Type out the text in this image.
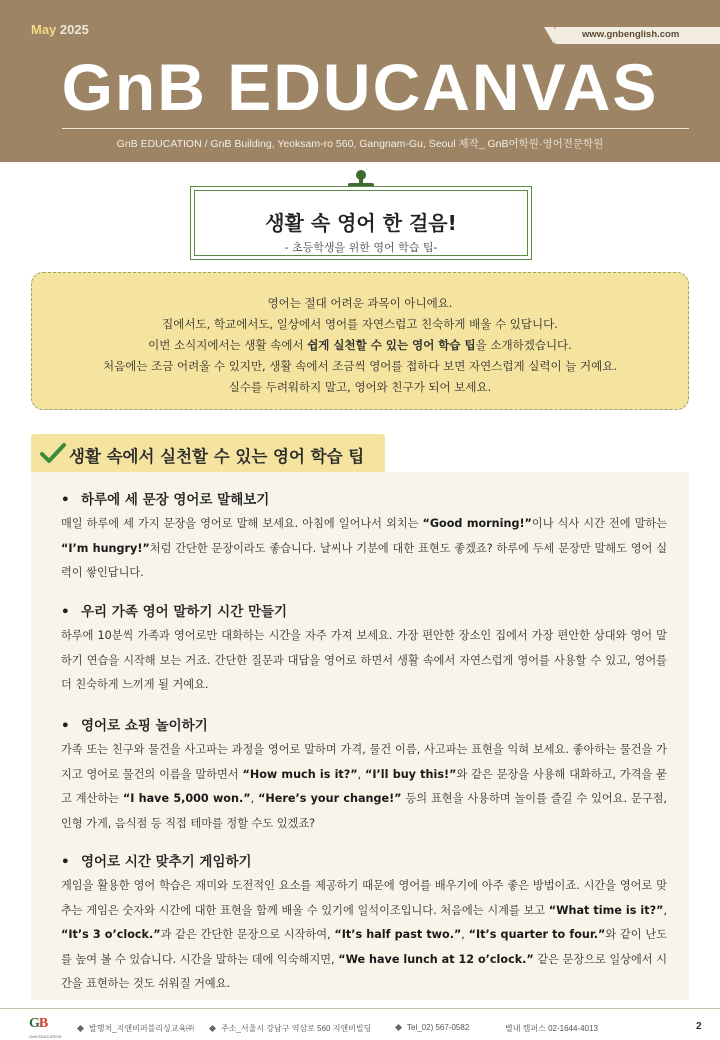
May 2025	www.gnbenglish.com
GnB EDUCANVAS
GnB EDUCATION / GnB Building, Yeoksam-ro 560, Gangnam-Gu, Seoul 제작_ GnB어학원·영어전문학원
생활 속 영어 한 걸음!
- 초등학생을 위한 영어 학습 팁-

영어는 절대 어려운 과목이 아니에요.

집에서도, 학교에서도, 일상에서 영어를 자연스럽고 친숙하게 배울 수 있답니다.

이번 소식지에서는 생활 속에서 쉽게 실천할 수 있는 영어 학습 팁을 소개하겠습니다.

처음에는 조금 어려울 수 있지만, 생활 속에서 조금씩 영어를 접하다 보면 자연스럽게 실력이 늘 거예요.

실수를 두려워하지 말고, 영어와 친구가 되어 보세요.

생활 속에서 실천할 수 있는 영어 학습 팁
• 하루에 세 문장 영어로 말해보기
매일 하루에 세 가지 문장을 영어로 말해 보세요. 아침에 일어나서 외치는 “Good morning!”이나 식사 시간 전에 말하는 “I’m hungry!”처럼 간단한 문장이라도 좋습니다. 날씨나 기분에 대한 표현도 좋겠죠? 하루에 두세 문장만 말해도 영어 실력이 쌓인답니다.
• 우리 가족 영어 말하기 시간 만들기
하루에 10분씩 가족과 영어로만 대화하는 시간을 자주 가져 보세요. 가장 편안한 장소인 집에서 가장 편안한 상대와 영어 말하기 연습을 시작해 보는 거죠. 간단한 질문과 대답을 영어로 하면서 생활 속에서 자연스럽게 영어를 사용할 수 있고, 영어를 더 친숙하게 느끼게 될 거예요.
• 영어로 쇼핑 놀이하기
가족 또는 친구와 물건을 사고파는 과정을 영어로 말하며 가격, 물건 이름, 사고파는 표현을 익혀 보세요. 좋아하는 물건을 가지고 영어로 물건의 이름을 말하면서 “How much is it?”, “I’ll buy this!”와 같은 문장을 사용해 대화하고, 가격을 묻고 계산하는 “I have 5,000 won.”, “Here’s your change!” 등의 표현을 사용하며 놀이를 즐길 수 있어요. 문구점, 인형 가게, 음식점 등 직접 테마를 정할 수도 있겠죠?
• 영어로 시간 맞추기 게임하기
게임을 활용한 영어 학습은 재미와 도전적인 요소를 제공하기 때문에 영어를 배우기에 아주 좋은 방법이죠. 시간을 영어로 맞추는 게임은 숫자와 시간에 대한 표현을 함께 배울 수 있기에 일석이조입니다. 처음에는 시계를 보고 “What time is it?”, “It’s 3 o’clock.”과 같은 간단한 문장으로 시작하여, “It’s half past two.”, “It’s quarter to four.”와 같이 난도를 높여 볼 수 있습니다. 시간을 말하는 데에 익숙해지면, “We have lunch at 12 o’clock.” 같은 문장으로 일상에서 시간을 표현하는 것도 쉬워질 거예요.
GB
GnB EDUCATION
발행처_지앤비퍼블리싱교육㈜	주소_서울시 강남구 역삼로 560 지앤비빌딩	Tel_02) 567-0582	별내 캠퍼스 02-1644-4013	2
